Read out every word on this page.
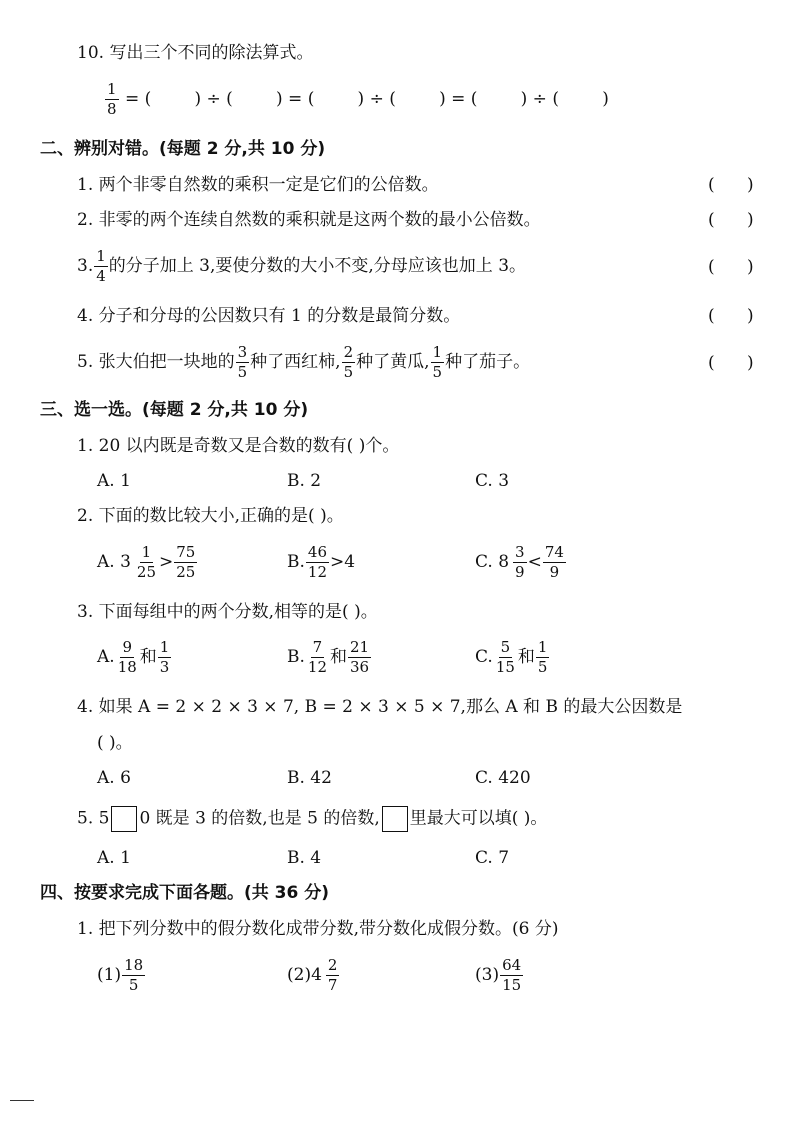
10. 写出三个不同的除法算式。
$\frac{1}{8}$ = (        ) ÷ (        ) = (        ) ÷ (        ) = (        ) ÷ (        )
二、辨别对错。(每题 2 分,共 10 分)
1. 两个非零自然数的乘积一定是它们的公倍数。	(      )
2. 非零的两个连续自然数的乘积就是这两个数的最小公倍数。	(      )
3. $\frac{1}{4}$ 的分子加上 3,要使分数的大小不变,分母应该也加上 3。	(      )
4. 分子和分母的公因数只有 1 的分数是最简分数。	(      )
5. 张大伯把一块地的 $\frac{3}{5}$ 种了西红柿, $\frac{2}{5}$ 种了黄瓜, $\frac{1}{5}$ 种了茄子。	(      )
三、选一选。(每题 2 分,共 10 分)
1. 20 以内既是奇数又是合数的数有( )个。
A. 1	B. 2	C. 3
2. 下面的数比较大小,正确的是( )。
A. $3 \frac{1}{25} > \frac{75}{25}$	B. $\frac{46}{12} >4$	C. $8 \frac{3}{9} < \frac{74}{9}$
3. 下面每组中的两个分数,相等的是( )。
A. $\frac{9}{18}$ 和 $\frac{1}{3}$	B. $\frac{7}{12}$ 和 $\frac{21}{36}$	C. $\frac{5}{15}$ 和 $\frac{1}{5}$
4. 如果 A = 2 × 2 × 3 × 7, B = 2 × 3 × 5 × 7,那么 A 和 B 的最大公因数是
( )。
A. 6	B. 42	C. 420
5. 5 0 既是 3 的倍数,也是 5 的倍数, 里最大可以填( )。
A. 1	B. 4	C. 7
四、按要求完成下面各题。(共 36 分)
1. 把下列分数中的假分数化成带分数,带分数化成假分数。(6 分)
$(1) \frac{18}{5}$	$(2)4 \frac{2}{7}$	$(3) \frac{64}{15}$
